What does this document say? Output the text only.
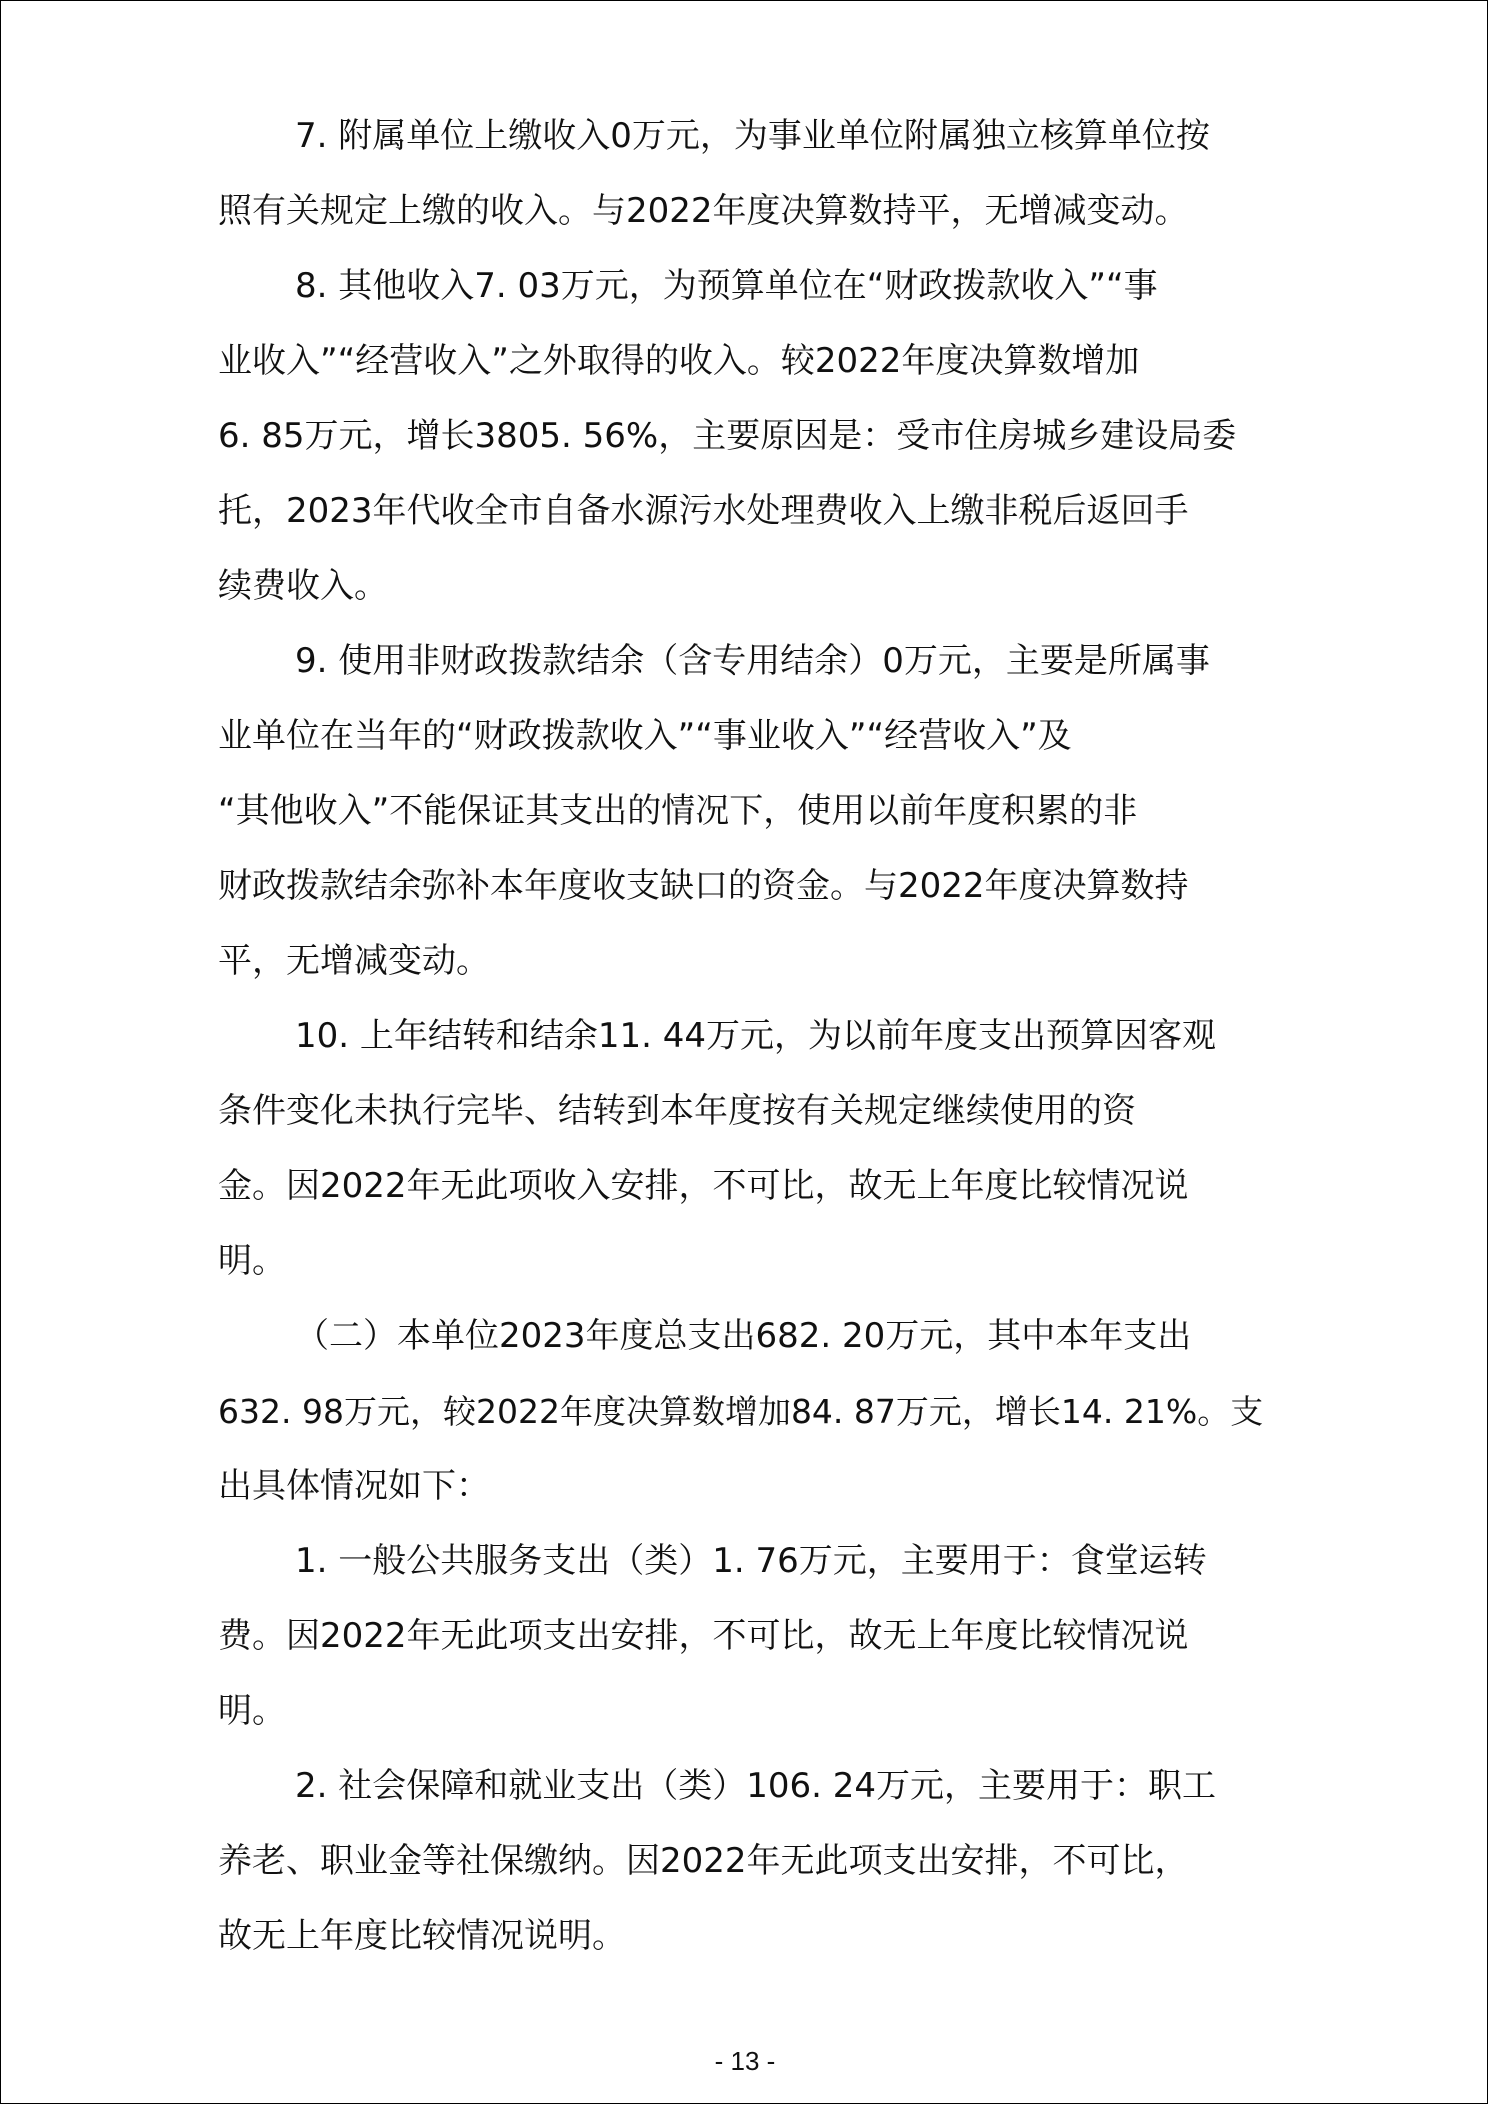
7. 附属单位上缴收入0万元，为事业单位附属独立核算单位按
照有关规定上缴的收入。与2022年度决算数持平，无增减变动。
8. 其他收入7. 03万元，为预算单位在“财政拨款收入”“事
业收入”“经营收入”之外取得的收入。较2022年度决算数增加
6. 85万元，增长3805. 56%，主要原因是：受市住房城乡建设局委
托，2023年代收全市自备水源污水处理费收入上缴非税后返回手
续费收入。
9. 使用非财政拨款结余（含专用结余）0万元，主要是所属事
业单位在当年的“财政拨款收入”“事业收入”“经营收入”及
“其他收入”不能保证其支出的情况下，使用以前年度积累的非
财政拨款结余弥补本年度收支缺口的资金。与2022年度决算数持
平，无增减变动。
10. 上年结转和结余11. 44万元，为以前年度支出预算因客观
条件变化未执行完毕、结转到本年度按有关规定继续使用的资
金。因2022年无此项收入安排，不可比，故无上年度比较情况说
明。
（二）本单位2023年度总支出682. 20万元，其中本年支出
632. 98万元，较2022年度决算数增加84. 87万元，增长14. 21%。支
出具体情况如下：
1. 一般公共服务支出（类）1. 76万元，主要用于：食堂运转
费。因2022年无此项支出安排，不可比，故无上年度比较情况说
明。
2. 社会保障和就业支出（类）106. 24万元，主要用于：职工
养老、职业金等社保缴纳。因2022年无此项支出安排，不可比，
故无上年度比较情况说明。
- 13 -
